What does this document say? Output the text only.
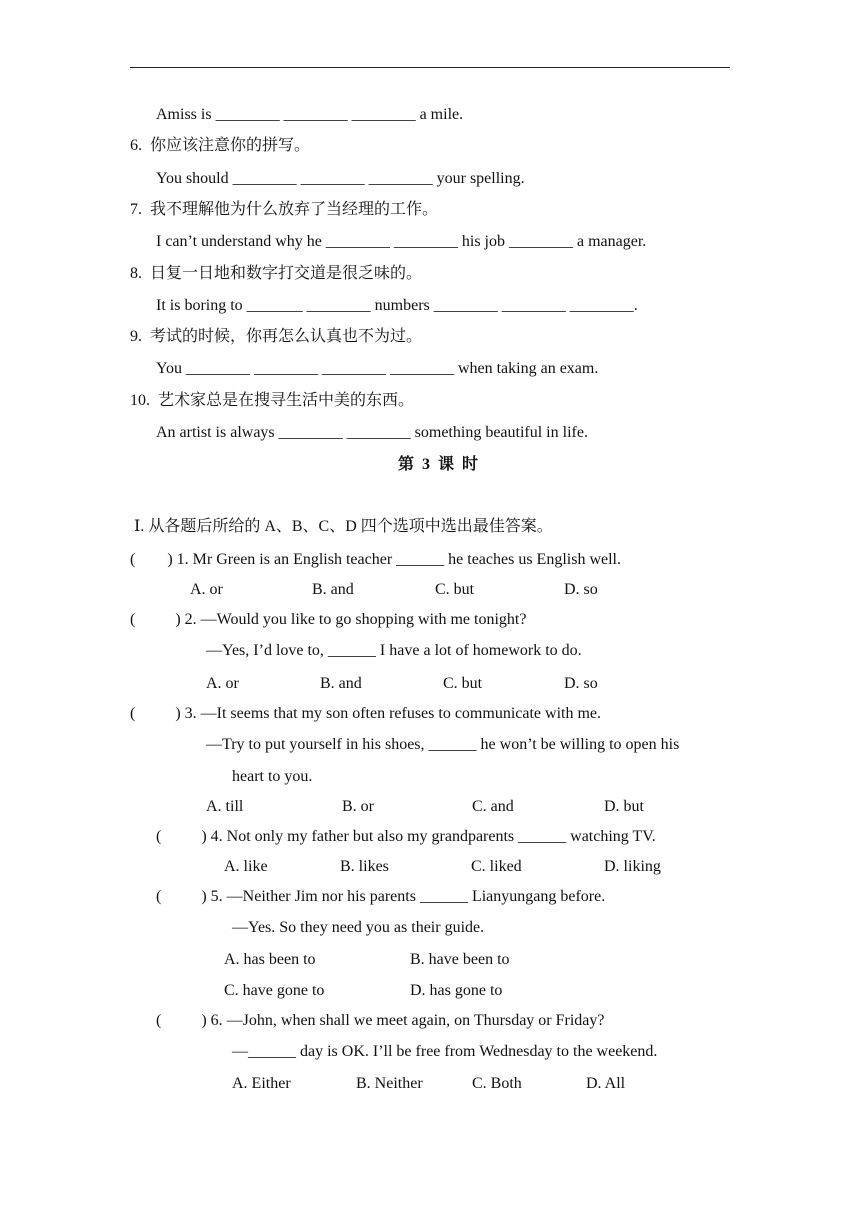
Amiss is ________ ________ ________ a mile.
6.  你应该注意你的拼写。
You should ________ ________ ________ your spelling.
7.  我不理解他为什么放弃了当经理的工作。
I can’t understand why he ________ ________ his job ________ a manager.
8.  日复一日地和数字打交道是很乏味的。
It is boring to _______ ________ numbers ________ ________ ________.
9.  考试的时候，你再怎么认真也不为过。
You ________ ________ ________ ________ when taking an exam.
10.  艺术家总是在搜寻生活中美的东西。
An artist is always ________ ________ something beautiful in life.
第  3  课  时
Ⅰ. 从各题后所给的 A、B、C、D 四个选项中选出最佳答案。
(        ) 1. Mr Green is an English teacher ______ he teaches us English well.
A. or	B. and	C. but	D. so
(          ) 2. —Would you like to go shopping with me tonight?
—Yes, I’d love to, ______ I have a lot of homework to do.
A. or	B. and	C. but	D. so
(          ) 3. —It seems that my son often refuses to communicate with me.
—Try to put yourself in his shoes, ______ he won’t be willing to open his
heart to you.
A. till	B. or	C. and	D. but
(          ) 4. Not only my father but also my grandparents ______ watching TV.
A. like	B. likes	C. liked	D. liking
(          ) 5. —Neither Jim nor his parents ______ Lianyungang before.
—Yes. So they need you as their guide.
A. has been to	B. have been to
C. have gone to	D. has gone to
(          ) 6. —John, when shall we meet again, on Thursday or Friday?
—______ day is OK. I’ll be free from Wednesday to the weekend.
A. Either	B. Neither	C. Both	D. All
